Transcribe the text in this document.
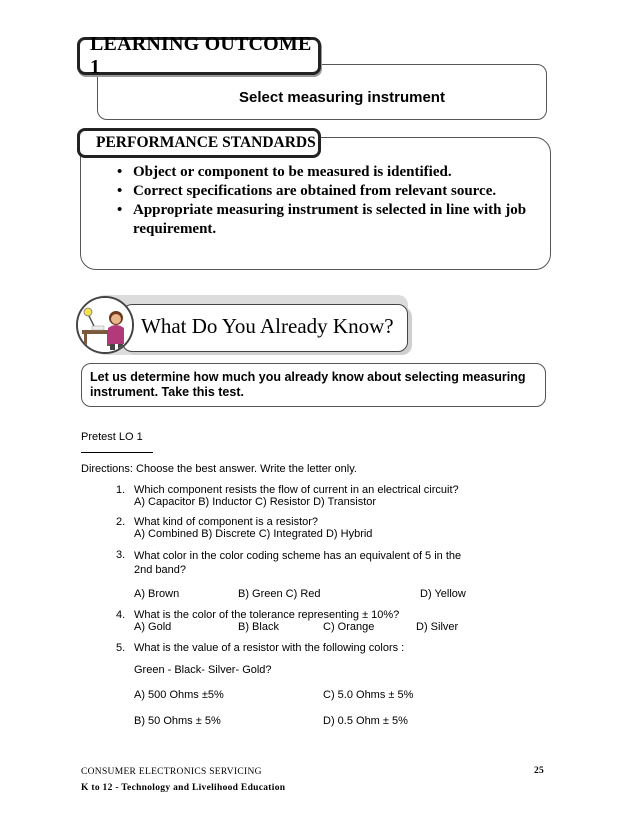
Select measuring instrument
LEARNING OUTCOME 1
PERFORMANCE STANDARDS
• Object or component to be measured is identified.
• Correct specifications are obtained from relevant source.
• Appropriate measuring instrument is selected in line with job requirement.
What Do You Already Know?
Let us determine how much you already know about selecting measuring instrument. Take this test.
Pretest LO 1
Directions: Choose the best answer. Write the letter only.
1. Which component resists the flow of current in an electrical circuit?
A) Capacitor B) Inductor C) Resistor D) Transistor
2. What kind of component is a resistor?
A) Combined B) Discrete C) Integrated D) Hybrid
3. What color in the color coding scheme has an equivalent of 5 in the 2nd band?
A) Brown	B) Green C) Red	D) Yellow
4. What is the color of the tolerance representing ± 10%?
A) Gold	B) Black	C) Orange	D) Silver
5. What is the value of a resistor with the following colors :
Green - Black- Silver- Gold?
A) 500 Ohms ±5%	C) 5.0 Ohms ± 5%
B) 50 Ohms ± 5%	D) 0.5 Ohm ± 5%
CONSUMER ELECTRONICS SERVICING
K to 12 - Technology and Livelihood Education
25
